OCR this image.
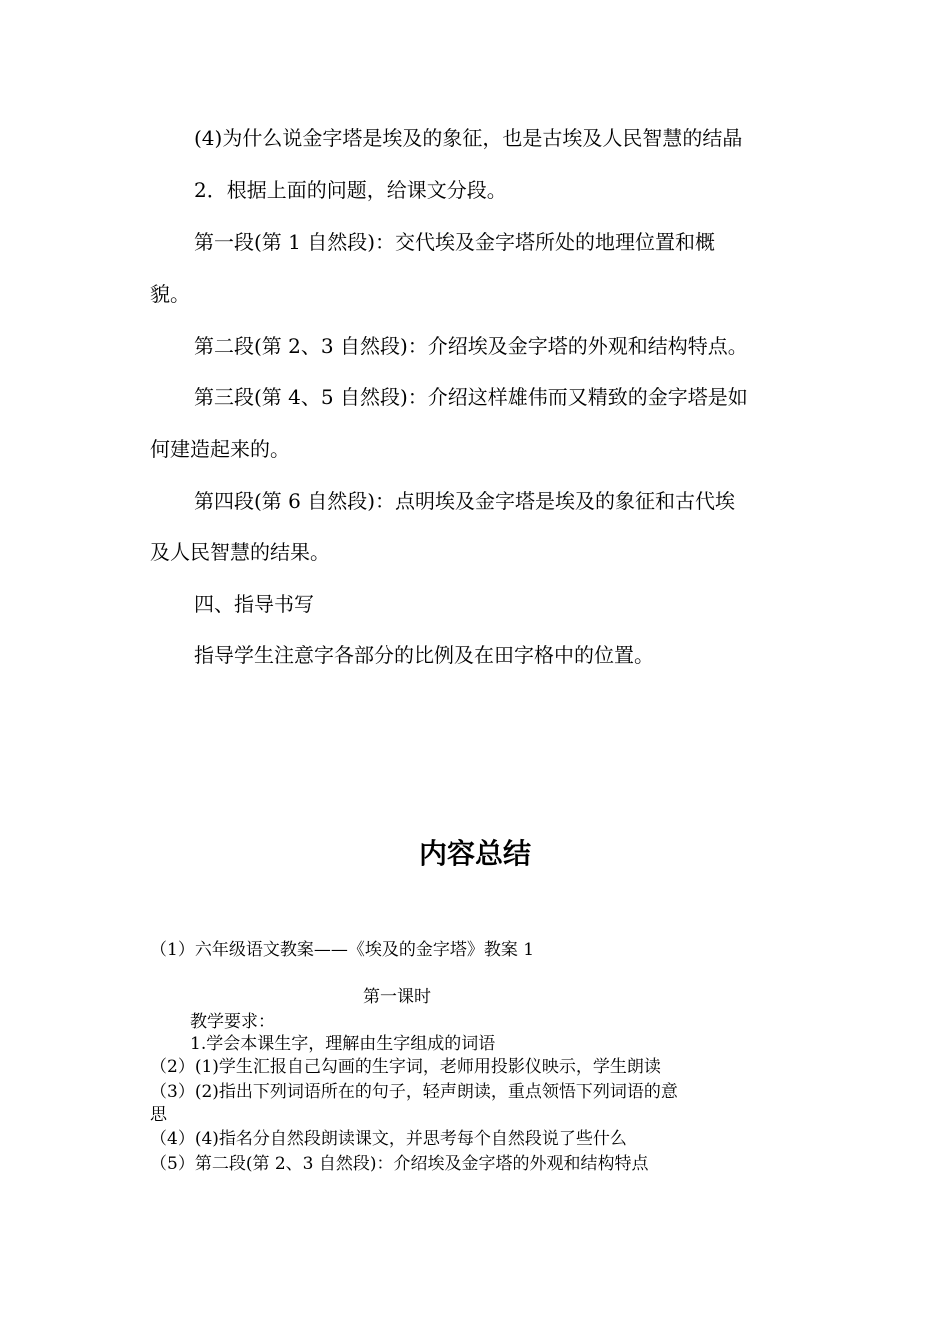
(4)为什么说金字塔是埃及的象征，也是古埃及人民智慧的结晶

2．根据上面的问题，给课文分段。

第一段(第 1 自然段)：交代埃及金字塔所处的地理位置和概

貌。

第二段(第 2、3 自然段)：介绍埃及金字塔的外观和结构特点。

第三段(第 4、5 自然段)：介绍这样雄伟而又精致的金字塔是如

何建造起来的。

第四段(第 6 自然段)：点明埃及金字塔是埃及的象征和古代埃

及人民智慧的结果。

四、指导书写

指导学生注意字各部分的比例及在田字格中的位置。

内容总结

（1）六年级语文教案——《埃及的金字塔》教案 1

第一课时

教学要求：

1.学会本课生字，理解由生字组成的词语

（2）(1)学生汇报自己勾画的生字词，老师用投影仪映示，学生朗读

（3）(2)指出下列词语所在的句子，轻声朗读，重点领悟下列词语的意

思

（4）(4)指名分自然段朗读课文，并思考每个自然段说了些什么

（5）第二段(第 2、3 自然段)：介绍埃及金字塔的外观和结构特点
